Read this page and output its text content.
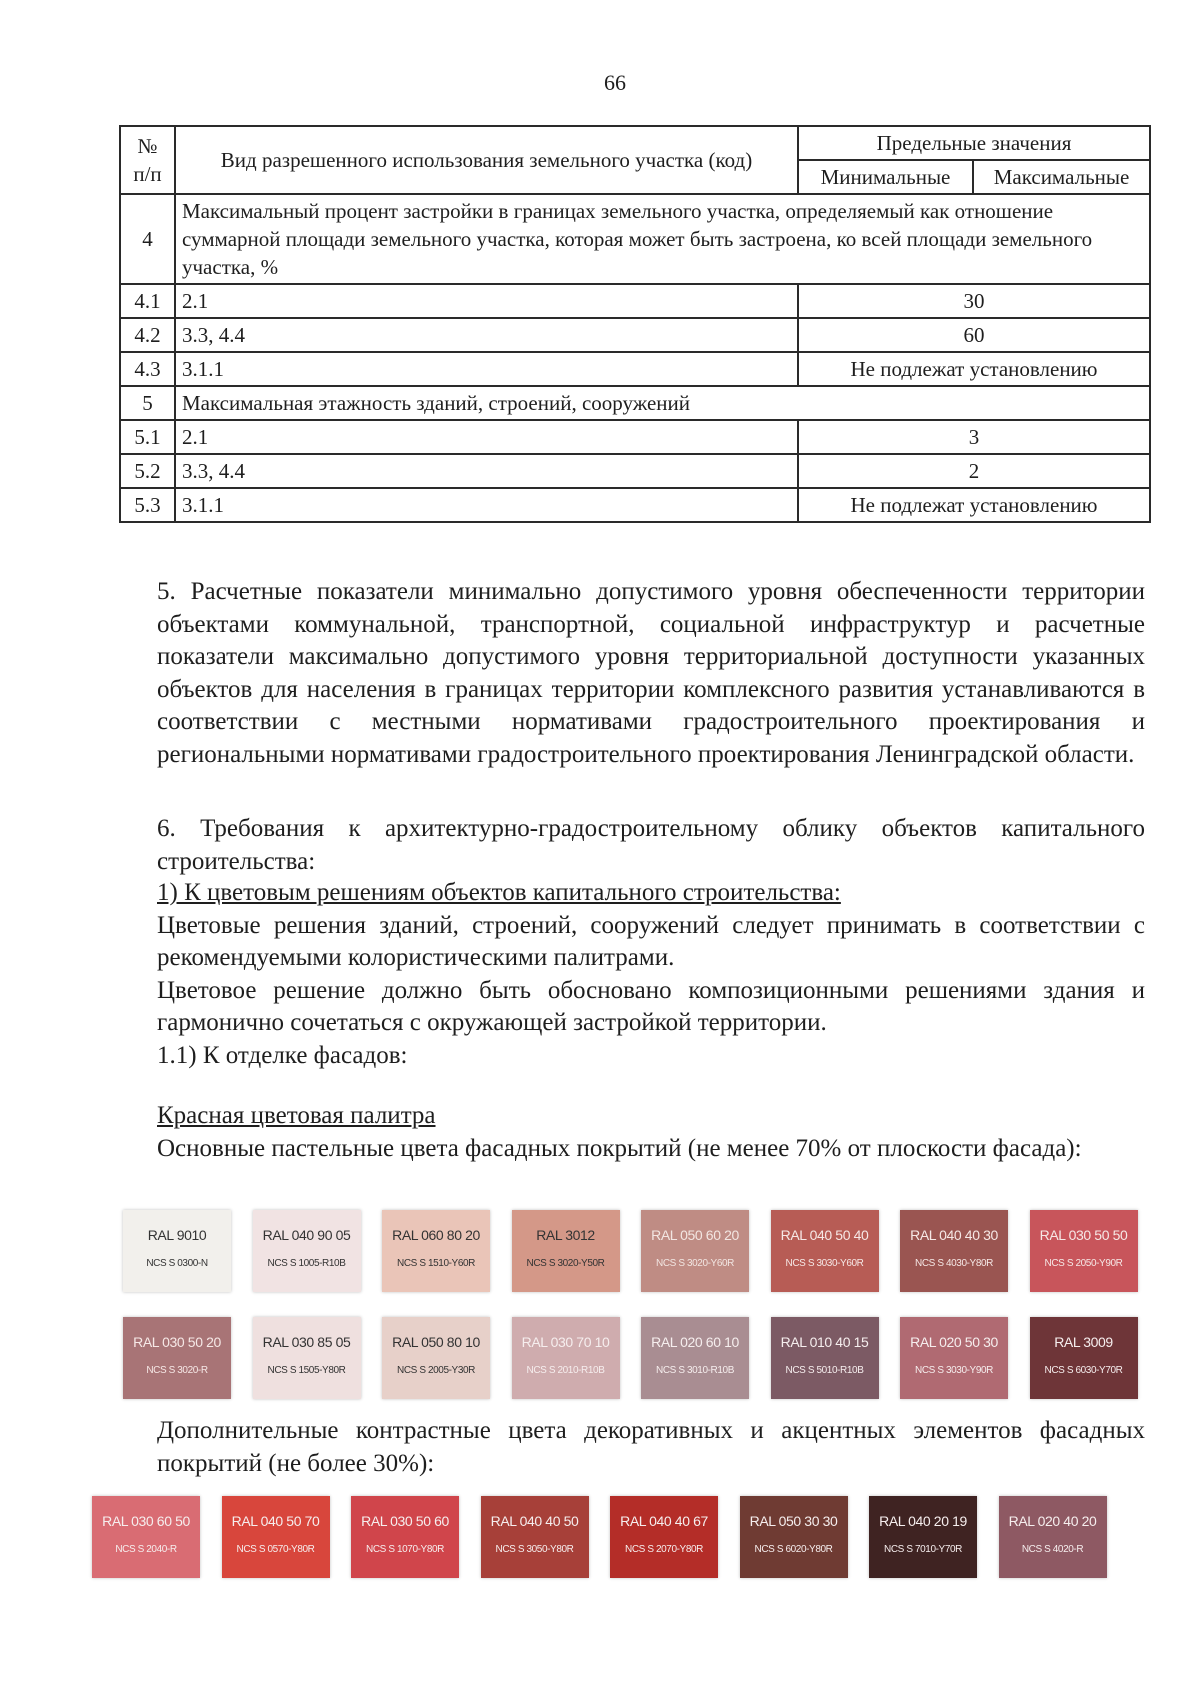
66
№ п/п	Вид разрешенного использования земельного участка (код)	Предельные значения	
		Минимальные	Максимальные
4	Максимальный процент застройки в границах земельного участка, определяемый как отношение суммарной площади земельного участка, которая может быть застроена, ко всей площади земельного участка, %		
4.1	2.1	30	
4.2	3.3, 4.4	60	
4.3	3.1.1	Не подлежат установлению	
5	Максимальная этажность зданий, строений, сооружений		
5.1	2.1	3	
5.2	3.3, 4.4	2	
5.3	3.1.1	Не подлежат установлению	
5. Расчетные показатели минимально допустимого уровня обеспеченности территории объектами коммунальной, транспортной, социальной инфраструктур и расчетные показатели максимально допустимого уровня территориальной доступности указанных объектов для населения в границах территории комплексного развития устанавливаются в соответствии с местными нормативами градостроительного проектирования и региональными нормативами градостроительного проектирования Ленинградской области.
6. Требования к архитектурно-градостроительному облику объектов капитального строительства:
1) К цветовым решениям объектов капитального строительства:
Цветовые решения зданий, строений, сооружений следует принимать в соответствии с рекомендуемыми колористическими палитрами.
Цветовое решение должно быть обосновано композиционными решениями здания и гармонично сочетаться с окружающей застройкой территории.
1.1) К отделке фасадов:
Красная цветовая палитра
Основные пастельные цвета фасадных покрытий (не менее 70% от плоскости фасада):
RAL 9010
NCS S 0300-N
RAL 040 90 05
NCS S 1005-R10B
RAL 060 80 20
NCS S 1510-Y60R
RAL 3012
NCS S 3020-Y50R
RAL 050 60 20
NCS S 3020-Y60R
RAL 040 50 40
NCS S 3030-Y60R
RAL 040 40 30
NCS S 4030-Y80R
RAL 030 50 50
NCS S 2050-Y90R
RAL 030 50 20
NCS S 3020-R
RAL 030 85 05
NCS S 1505-Y80R
RAL 050 80 10
NCS S 2005-Y30R
RAL 030 70 10
NCS S 2010-R10B
RAL 020 60 10
NCS S 3010-R10B
RAL 010 40 15
NCS S 5010-R10B
RAL 020 50 30
NCS S 3030-Y90R
RAL 3009
NCS S 6030-Y70R
Дополнительные контрастные цвета декоративных и акцентных элементов фасадных покрытий (не более 30%):
RAL 030 60 50
NCS S 2040-R
RAL 040 50 70
NCS S 0570-Y80R
RAL 030 50 60
NCS S 1070-Y80R
RAL 040 40 50
NCS S 3050-Y80R
RAL 040 40 67
NCS S 2070-Y80R
RAL 050 30 30
NCS S 6020-Y80R
RAL 040 20 19
NCS S 7010-Y70R
RAL 020 40 20
NCS S 4020-R
